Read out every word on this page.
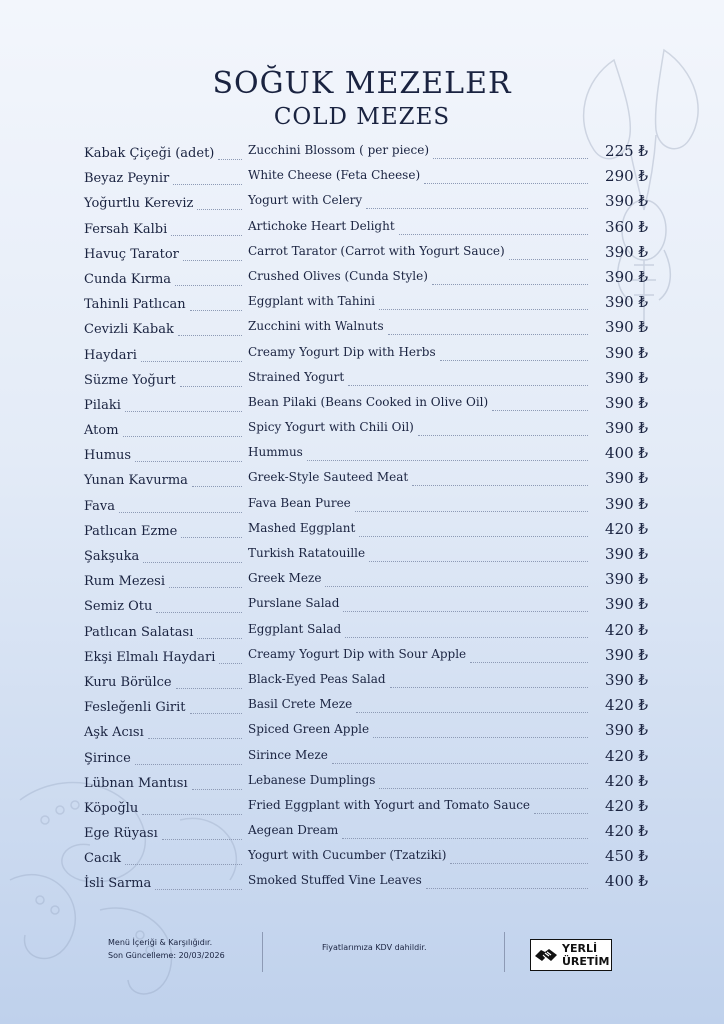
SOĞUK MEZELER
COLD MEZES
Kabak Çiçeği (adet)	Zucchini Blossom ( per piece)	225 ₺
Beyaz Peynir	White Cheese (Feta Cheese)	290 ₺
Yoğurtlu Kereviz	Yogurt with Celery	390 ₺
Fersah Kalbi	Artichoke Heart Delight	360 ₺
Havuç Tarator	Carrot Tarator (Carrot with Yogurt Sauce)	390 ₺
Cunda Kırma	Crushed Olives (Cunda Style)	390 ₺
Tahinli Patlıcan	Eggplant with Tahini	390 ₺
Cevizli Kabak	Zucchini with Walnuts	390 ₺
Haydari	Creamy Yogurt Dip with Herbs	390 ₺
Süzme Yoğurt	Strained Yogurt	390 ₺
Pilaki	Bean Pilaki (Beans Cooked in Olive Oil)	390 ₺
Atom	Spicy Yogurt with Chili Oil)	390 ₺
Humus	Hummus	400 ₺
Yunan Kavurma	Greek-Style Sauteed Meat	390 ₺
Fava	Fava Bean Puree	390 ₺
Patlıcan Ezme	Mashed Eggplant	420 ₺
Şakşuka	Turkish Ratatouille	390 ₺
Rum Mezesi	Greek Meze	390 ₺
Semiz Otu	Purslane Salad	390 ₺
Patlıcan Salatası	Eggplant Salad	420 ₺
Ekşi Elmalı Haydari	Creamy Yogurt Dip with Sour Apple	390 ₺
Kuru Börülce	Black-Eyed Peas Salad	390 ₺
Fesleğenli Girit	Basil Crete Meze	420 ₺
Aşk Acısı	Spiced Green Apple	390 ₺
Şirince	Sirince Meze	420 ₺
Lübnan Mantısı	Lebanese Dumplings	420 ₺
Köpoğlu	Fried Eggplant with Yogurt and Tomato Sauce	420 ₺
Ege Rüyası	Aegean Dream	420 ₺
Cacık	Yogurt with Cucumber (Tzatziki)	450 ₺
İsli Sarma	Smoked Stuffed Vine Leaves	400 ₺
Menü İçeriği & Karşılığıdır.
Son Güncelleme: 20/03/2026
Fiyatlarımıza KDV dahildir.	YERLİ
ÜRETİM
